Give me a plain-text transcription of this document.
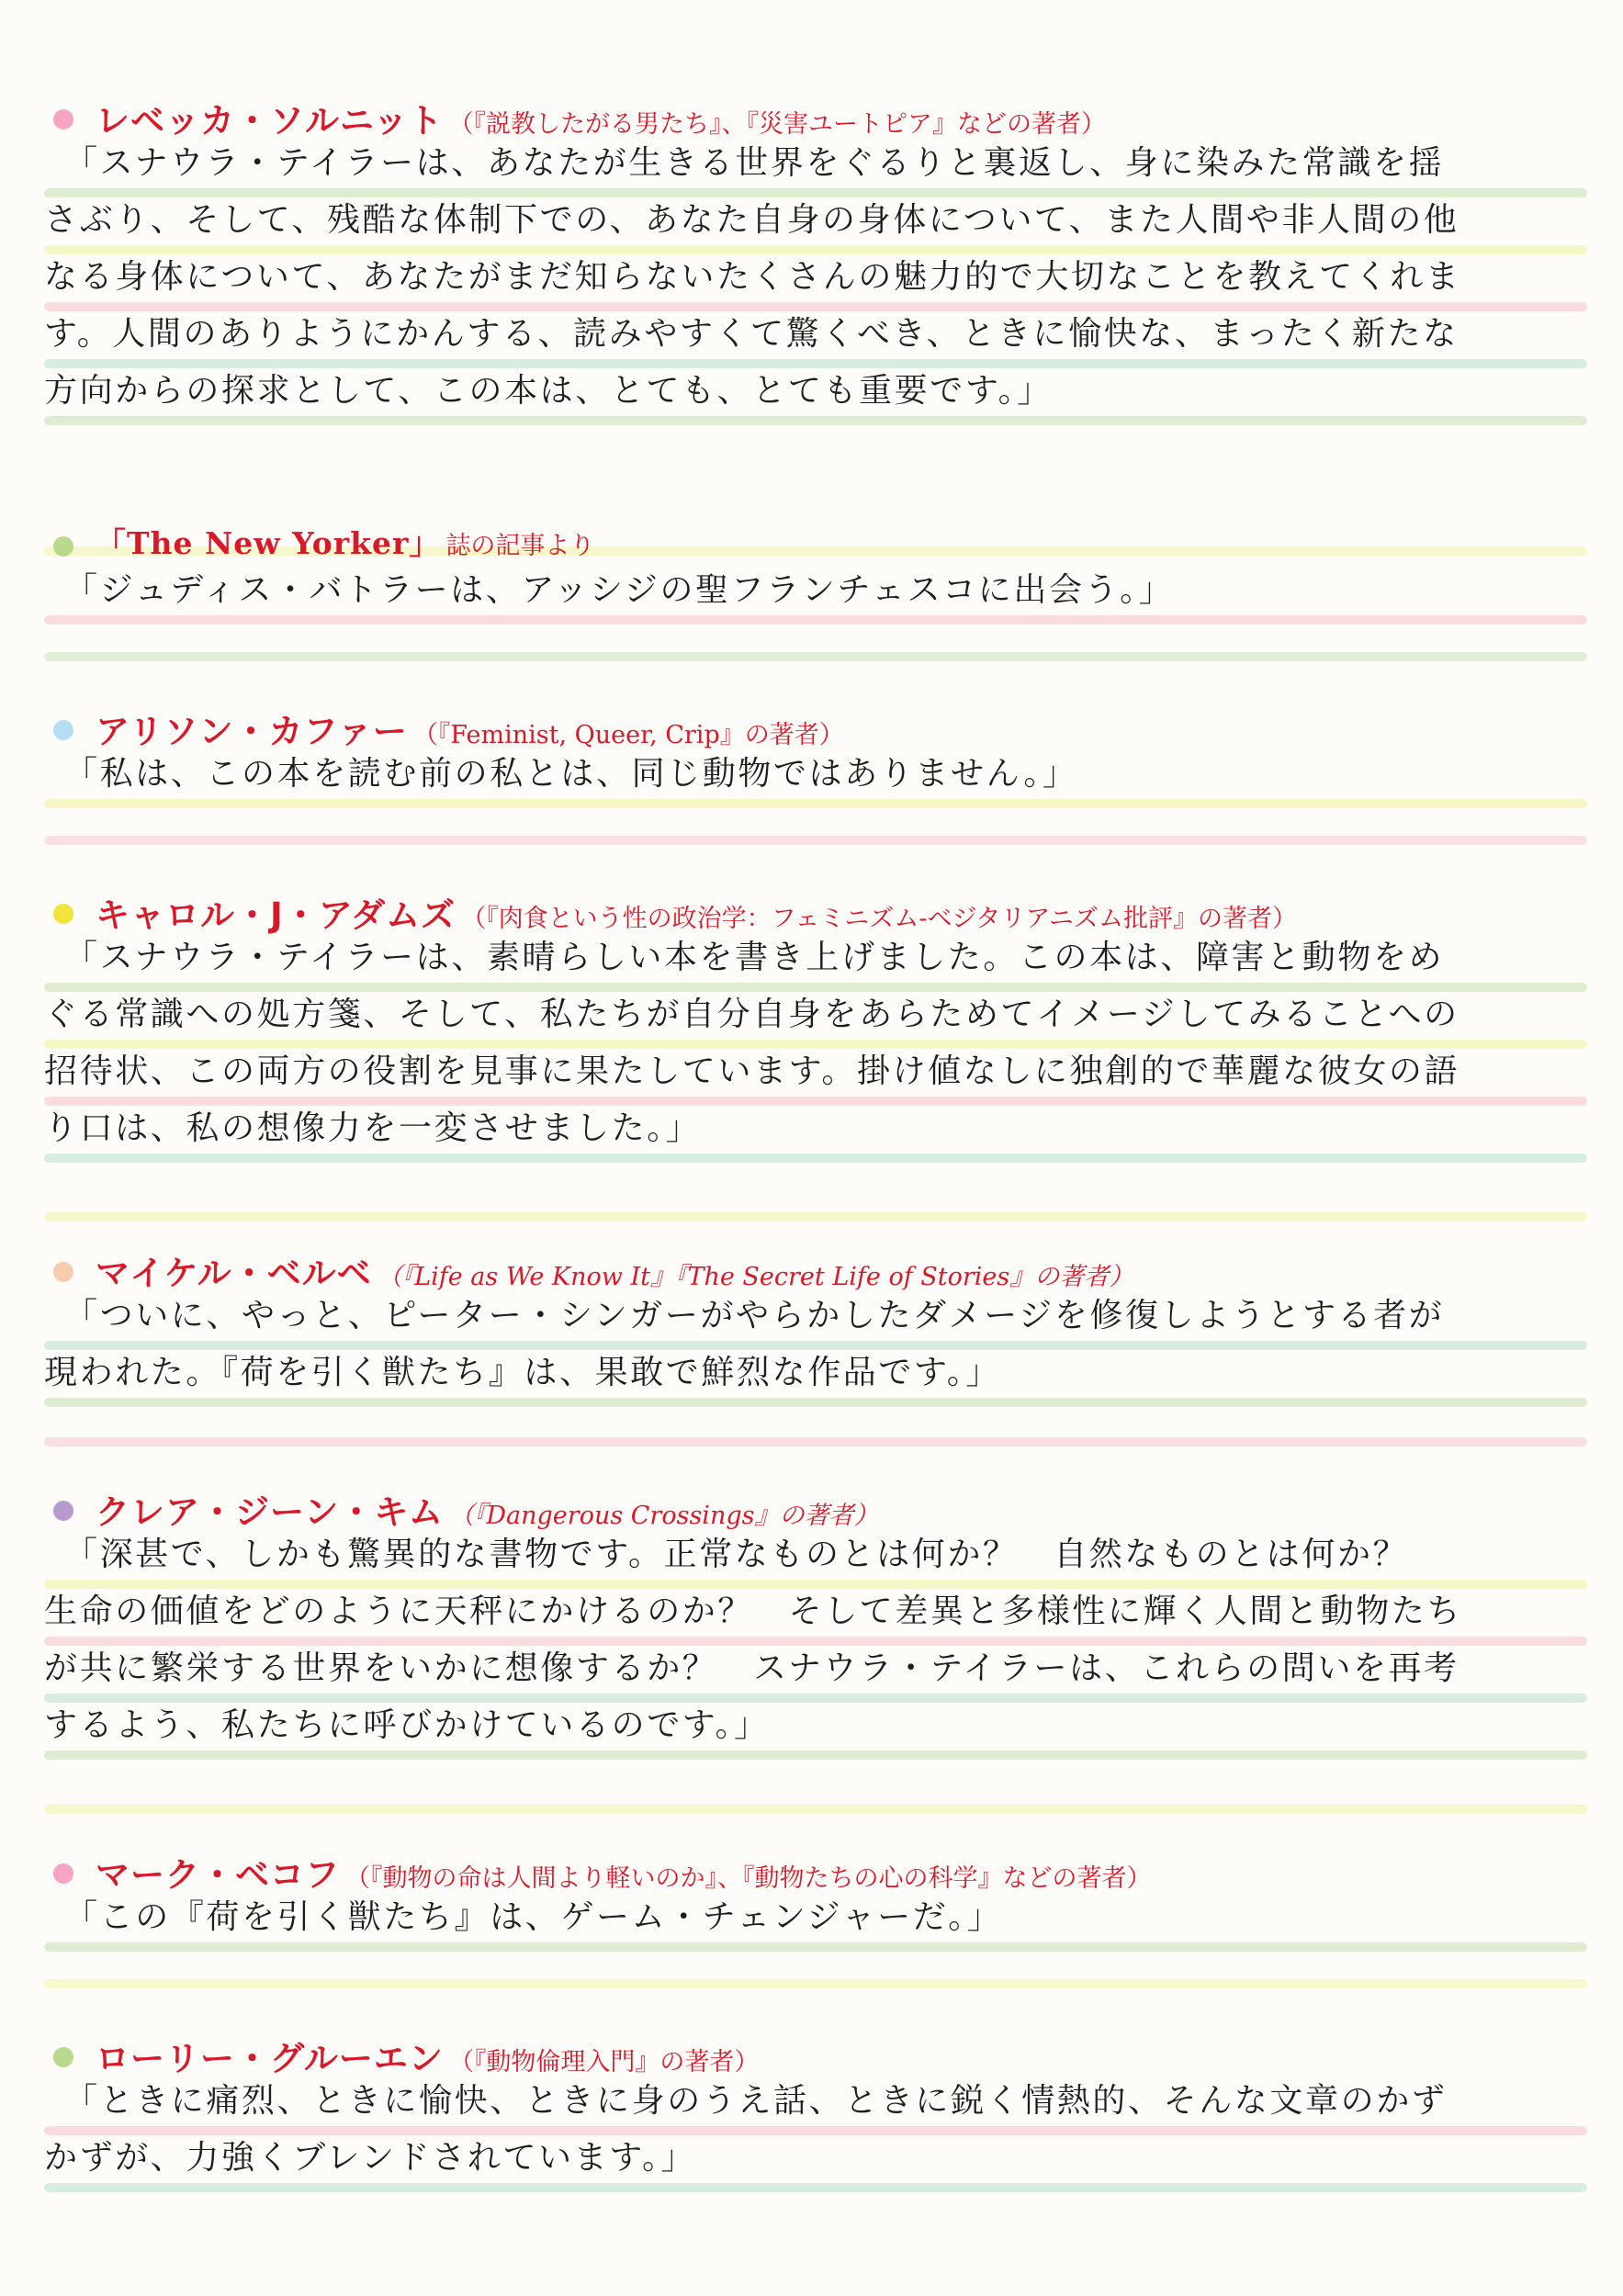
レベッカ・ソルニット （『説教したがる男たち』、『災害ユートピア』などの著者）
「スナウラ・テイラーは、あなたが生きる世界をぐるりと裏返し、身に染みた常識を揺
さぶり、そして、残酷な体制下での、あなた自身の身体について、また人間や非人間の他
なる身体について、あなたがまだ知らないたくさんの魅力的で大切なことを教えてくれま
す。人間のありようにかんする、読みやすくて驚くべき、ときに愉快な、まったく新たな
方向からの探求として、この本は、とても、とても重要です。」
「The New Yorker」 誌の記事より
「ジュディス・バトラーは、アッシジの聖フランチェスコに出会う。」
アリソン・カファー （『Feminist, Queer, Crip』の著者）
「私は、この本を読む前の私とは、同じ動物ではありません。」
キャロル・J・アダムズ （『肉食という性の政治学：フェミニズム‐ベジタリアニズム批評』の著者）
「スナウラ・テイラーは、素晴らしい本を書き上げました。この本は、障害と動物をめ
ぐる常識への処方箋、そして、私たちが自分自身をあらためてイメージしてみることへの
招待状、この両方の役割を見事に果たしています。掛け値なしに独創的で華麗な彼女の語
り口は、私の想像力を一変させました。」
マイケル・ベルベ （『Life as We Know It』『The Secret Life of Stories』の著者）
「ついに、やっと、ピーター・シンガーがやらかしたダメージを修復しようとする者が
現われた。『荷を引く獣たち』は、果敢で鮮烈な作品です。」
クレア・ジーン・キム （『Dangerous Crossings』の著者）
「深甚で、しかも驚異的な書物です。正常なものとは何か？　自然なものとは何か？
生命の価値をどのように天秤にかけるのか？　そして差異と多様性に輝く人間と動物たち
が共に繁栄する世界をいかに想像するか？　スナウラ・テイラーは、これらの問いを再考
するよう、私たちに呼びかけているのです。」
マーク・ベコフ （『動物の命は人間より軽いのか』、『動物たちの心の科学』などの著者）
「この『荷を引く獣たち』は、ゲーム・チェンジャーだ。」
ローリー・グルーエン （『動物倫理入門』の著者）
「ときに痛烈、ときに愉快、ときに身のうえ話、ときに鋭く情熱的、そんな文章のかず
かずが、力強くブレンドされています。」
